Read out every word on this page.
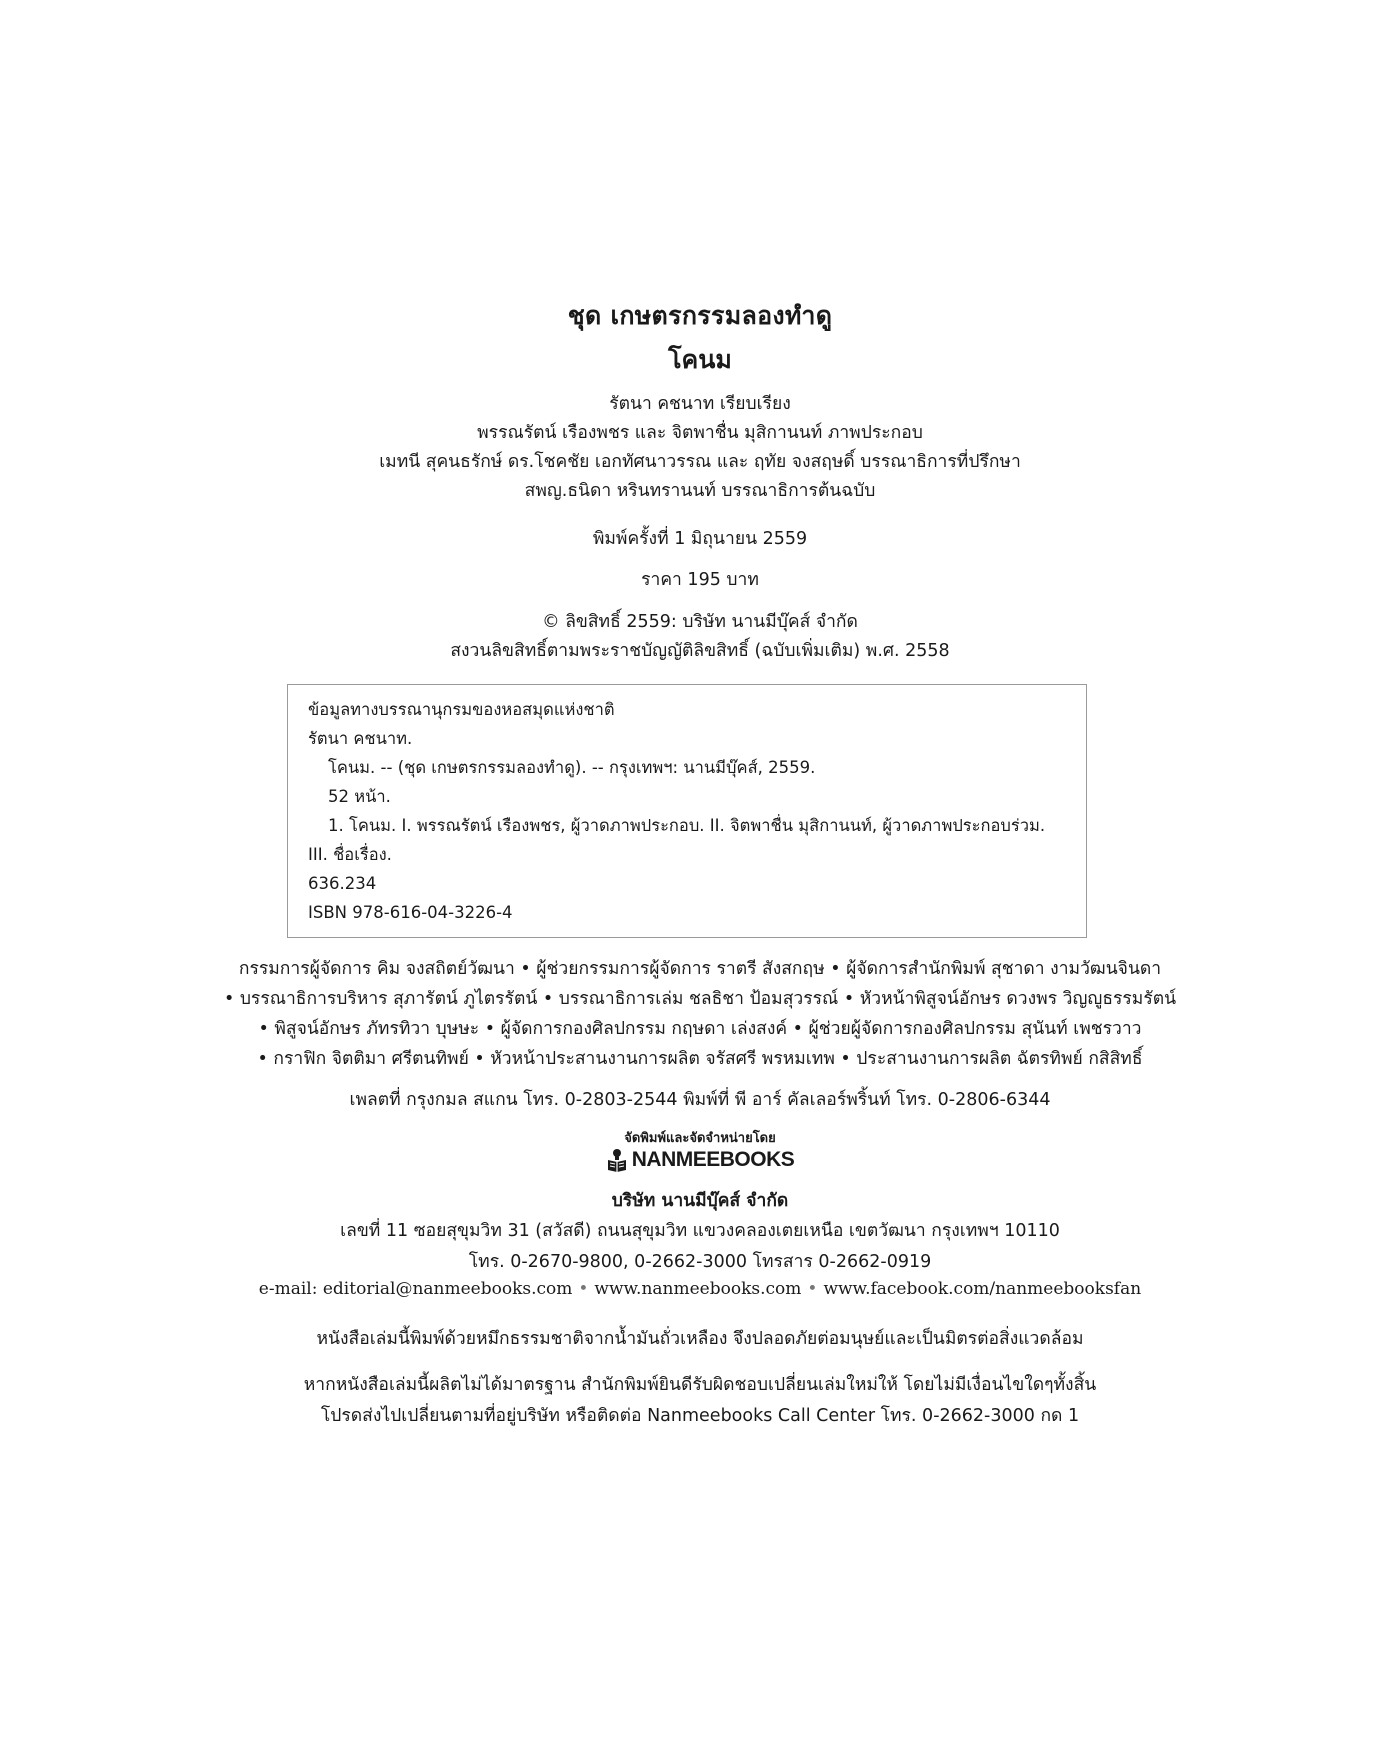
ชุด เกษตรกรรมลองทำดู
โคนม
รัตนา คชนาท เรียบเรียง
พรรณรัตน์ เรืองพชร และ จิตพาชื่น มุสิกานนท์ ภาพประกอบ
เมทนี สุคนธรักษ์ ดร.โชคชัย เอกทัศนาวรรณ และ ฤทัย จงสฤษดิ์ บรรณาธิการที่ปรึกษา
สพญ.ธนิดา หรินทรานนท์ บรรณาธิการต้นฉบับ
พิมพ์ครั้งที่ 1 มิถุนายน 2559
ราคา 195 บาท
© ลิขสิทธิ์ 2559: บริษัท นานมีบุ๊คส์ จำกัด
สงวนลิขสิทธิ์ตามพระราชบัญญัติลิขสิทธิ์ (ฉบับเพิ่มเติม) พ.ศ. 2558
ข้อมูลทางบรรณานุกรมของหอสมุดแห่งชาติ
รัตนา คชนาท.
โคนม. -- (ชุด เกษตรกรรมลองทำดู). -- กรุงเทพฯ: นานมีบุ๊คส์, 2559.
52 หน้า.
1. โคนม. I. พรรณรัตน์ เรืองพชร, ผู้วาดภาพประกอบ. II. จิตพาชื่น มุสิกานนท์, ผู้วาดภาพประกอบร่วม.
III. ชื่อเรื่อง.
636.234
ISBN 978-616-04-3226-4
กรรมการผู้จัดการ คิม จงสถิตย์วัฒนา • ผู้ช่วยกรรมการผู้จัดการ ราตรี สังสกฤษ • ผู้จัดการสำนักพิมพ์ สุชาดา งามวัฒนจินดา
• บรรณาธิการบริหาร สุภารัตน์ ภูไตรรัตน์ • บรรณาธิการเล่ม ชลธิชา ป้อมสุวรรณ์ • หัวหน้าพิสูจน์อักษร ดวงพร วิญญูธรรมรัตน์
• พิสูจน์อักษร ภัทรทิวา บุษษะ • ผู้จัดการกองศิลปกรรม กฤษดา เล่งสงค์ • ผู้ช่วยผู้จัดการกองศิลปกรรม สุนันท์ เพชรวาว
• กราฟิก จิตติมา ศรีตนทิพย์ • หัวหน้าประสานงานการผลิต จรัสศรี พรหมเทพ • ประสานงานการผลิต ฉัตรทิพย์ กสิสิทธิ์
เพลตที่ กรุงกมล สแกน โทร. 0-2803-2544 พิมพ์ที่ พี อาร์ คัลเลอร์พริ้นท์ โทร. 0-2806-6344
จัดพิมพ์และจัดจำหน่ายโดย
NANMEEBOOKS
บริษัท นานมีบุ๊คส์ จำกัด
เลขที่ 11 ซอยสุขุมวิท 31 (สวัสดี) ถนนสุขุมวิท แขวงคลองเตยเหนือ เขตวัฒนา กรุงเทพฯ 10110
โทร. 0-2670-9800, 0-2662-3000 โทรสาร 0-2662-0919
e-mail: editorial@nanmeebooks.com • www.nanmeebooks.com • www.facebook.com/nanmeebooksfan
หนังสือเล่มนี้พิมพ์ด้วยหมึกธรรมชาติจากน้ำมันถั่วเหลือง จึงปลอดภัยต่อมนุษย์และเป็นมิตรต่อสิ่งแวดล้อม
หากหนังสือเล่มนี้ผลิตไม่ได้มาตรฐาน สำนักพิมพ์ยินดีรับผิดชอบเปลี่ยนเล่มใหม่ให้ โดยไม่มีเงื่อนไขใดๆทั้งสิ้น
โปรดส่งไปเปลี่ยนตามที่อยู่บริษัท หรือติดต่อ Nanmeebooks Call Center โทร. 0-2662-3000 กด 1
